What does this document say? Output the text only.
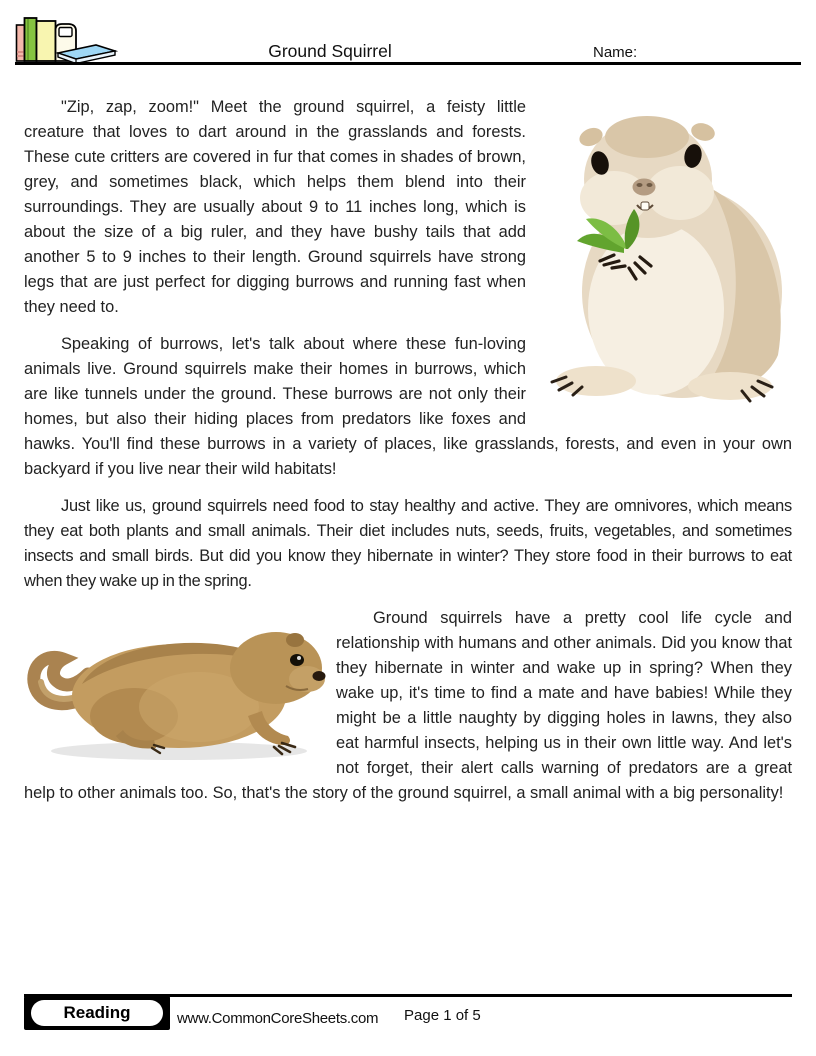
Ground Squirrel	Name:

"Zip, zap, zoom!" Meet the ground squirrel, a feisty little creature that loves to dart around in the grasslands and forests. These cute critters are covered in fur that comes in shades of brown, grey, and sometimes black, which helps them blend into their surroundings. They are usually about 9 to 11 inches long, which is about the size of a big ruler, and they have bushy tails that add another 5 to 9 inches to their length. Ground squirrels have strong legs that are just perfect for digging burrows and running fast when they need to.

Speaking of burrows, let's talk about where these fun-loving animals live. Ground squirrels make their homes in burrows, which are like tunnels under the ground. These burrows are not only their homes, but also their hiding places from predators like foxes and hawks. You'll find these burrows in a variety of places, like grasslands, forests, and even in your own backyard if you live near their wild habitats!

Just like us, ground squirrels need food to stay healthy and active. They are omnivores, which means they eat both plants and small animals. Their diet includes nuts, seeds, fruits, vegetables, and sometimes insects and small birds. But did you know they hibernate in winter? They store food in their burrows to eat when they wake up in the spring.

Ground squirrels have a pretty cool life cycle and relationship with humans and other animals. Did you know that they hibernate in winter and wake up in spring? When they wake up, it's time to find a mate and have babies! While they might be a little naughty by digging holes in lawns, they also eat harmful insects, helping us in their own little way. And let's not forget, their alert calls warning of predators are a great help to other animals too. So, that's the story of the ground squirrel, a small animal with a big personality!

Reading	www.CommonCoreSheets.com Page 1 of 5
